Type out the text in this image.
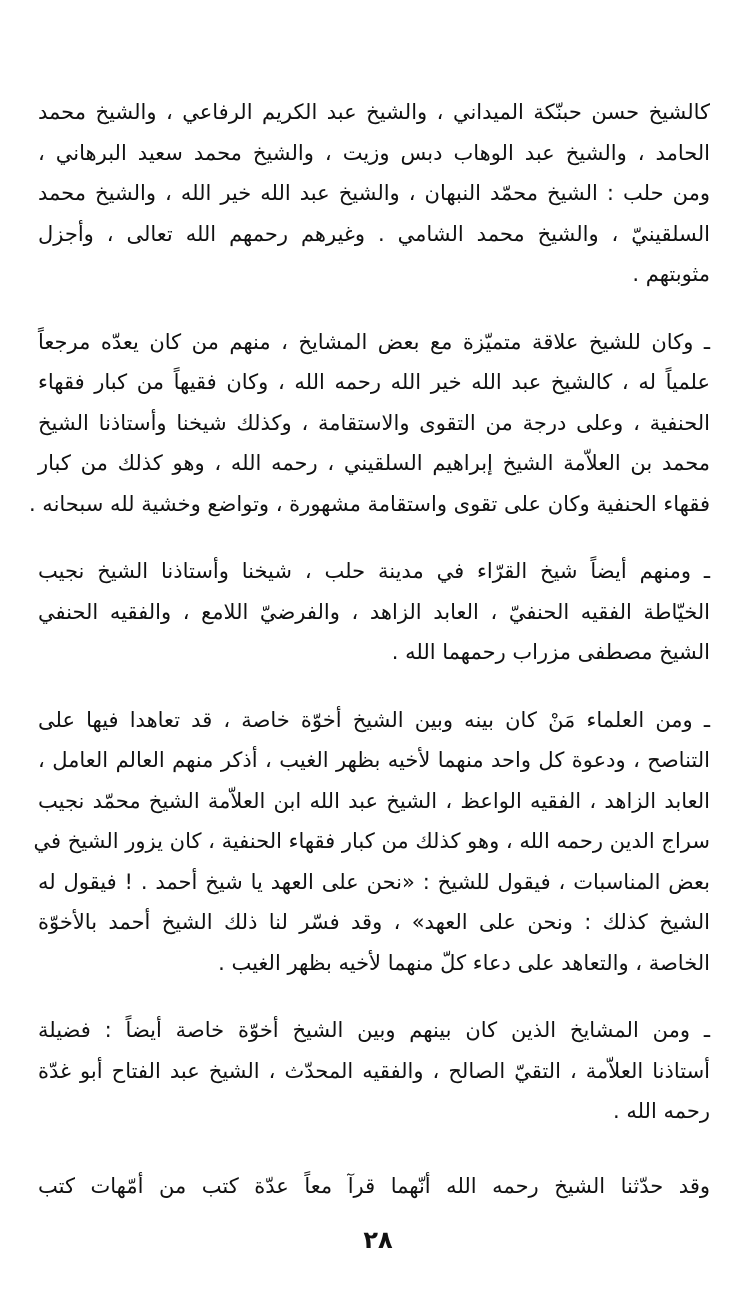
كالشيخ حسن حبنّكة الميداني ، والشيخ عبد الكريم الرفاعي ، والشيخ محمد
الحامد ، والشيخ عبد الوهاب دبس وزيت ، والشيخ محمد سعيد البرهاني ،
ومن حلب : الشيخ محمّد النبهان ، والشيخ عبد الله خير الله ، والشيخ محمد
السلقينيّ ، والشيخ محمد الشامي . وغيرهم رحمهم الله تعالى ، وأجزل
مثوبتهم .

ـ وكان للشيخ علاقة متميّزة مع بعض المشايخ ، منهم من كان يعدّه مرجعاً
علمياً له ، كالشيخ عبد الله خير الله رحمه الله ، وكان فقيهاً من كبار فقهاء
الحنفية ، وعلى درجة من التقوى والاستقامة ، وكذلك شيخنا وأستاذنا الشيخ
محمد بن العلاّمة الشيخ إبراهيم السلقيني ، رحمه الله ، وهو كذلك من كبار
فقهاء الحنفية وكان على تقوى واستقامة مشهورة ، وتواضع وخشية لله سبحانه .

ـ ومنهم أيضاً شيخ القرّاء في مدينة حلب ، شيخنا وأستاذنا الشيخ نجيب
الخيّاطة الفقيه الحنفيّ ، العابد الزاهد ، والفرضيّ اللامع ، والفقيه الحنفي
الشيخ مصطفى مزراب رحمهما الله .

ـ ومن العلماء مَنْ كان بينه وبين الشيخ أخوّة خاصة ، قد تعاهدا فيها على
التناصح ، ودعوة كل واحد منهما لأخيه بظهر الغيب ، أذكر منهم العالم العامل ،
العابد الزاهد ، الفقيه الواعظ ، الشيخ عبد الله ابن العلاّمة الشيخ محمّد نجيب
سراج الدين رحمه الله ، وهو كذلك من كبار فقهاء الحنفية ، كان يزور الشيخ في
بعض المناسبات ، فيقول للشيخ : «نحن على العهد يا شيخ أحمد . ! فيقول له
الشيخ كذلك : ونحن على العهد» ، وقد فسّر لنا ذلك الشيخ أحمد بالأخوّة
الخاصة ، والتعاهد على دعاء كلّ منهما لأخيه بظهر الغيب .

ـ ومن المشايخ الذين كان بينهم وبين الشيخ أخوّة خاصة أيضاً : فضيلة
أستاذنا العلاّمة ، التقيّ الصالح ، والفقيه المحدّث ، الشيخ عبد الفتاح أبو غدّة
رحمه الله .

وقد حدّثنا الشيخ رحمه الله أنّهما قرآ معاً عدّة كتب من أمّهات كتب

٢٨
